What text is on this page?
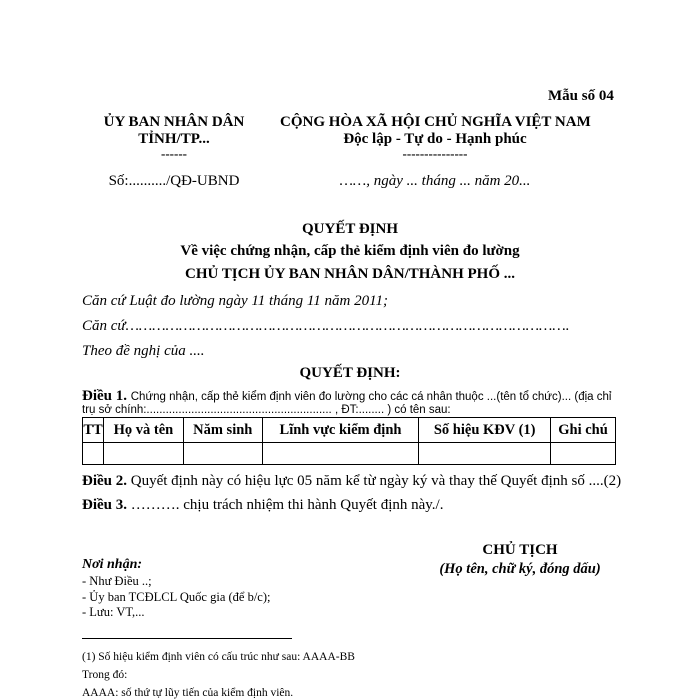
Mẫu số 04
ỦY BAN NHÂN DÂN
TỈNH/TP...
------
Số:........../QĐ-UBND
CỘNG HÒA XÃ HỘI CHỦ NGHĨA VIỆT NAM
Độc lập - Tự do - Hạnh phúc
---------------
……, ngày ... tháng ... năm 20...
QUYẾT ĐỊNH
Về việc chứng nhận, cấp thẻ kiểm định viên đo lường
CHỦ TỊCH ỦY BAN NHÂN DÂN/THÀNH PHỐ ...
Căn cứ Luật đo lường ngày 11 tháng 11 năm 2011;
Căn cứ……………………………………………………………………………………….
Theo đề nghị của ....
QUYẾT ĐỊNH:
Điều 1. Chứng nhận, cấp thẻ kiểm định viên đo lường cho các cá nhân thuộc ...(tên tổ chức)... (địa chỉ
trụ sở chính:.......................................................... , ĐT:........ ) có tên sau:
TT	Họ và tên	Năm sinh	Lĩnh vực kiểm định	Số hiệu KĐV (1)	Ghi chú

Điều 2. Quyết định này có hiệu lực 05 năm kể từ ngày ký và thay thế Quyết định số ....(2)
Điều 3. ………. chịu trách nhiệm thi hành Quyết định này./.
CHỦ TỊCH
(Họ tên, chữ ký, đóng dấu)
Nơi nhận:
- Như Điều ..;
- Ủy ban TCĐLCL Quốc gia (để b/c);
- Lưu: VT,...
(1) Số hiệu kiểm định viên có cấu trúc như sau: AAAA-BB
Trong đó:
AAAA: số thứ tự lũy tiến của kiểm định viên.
